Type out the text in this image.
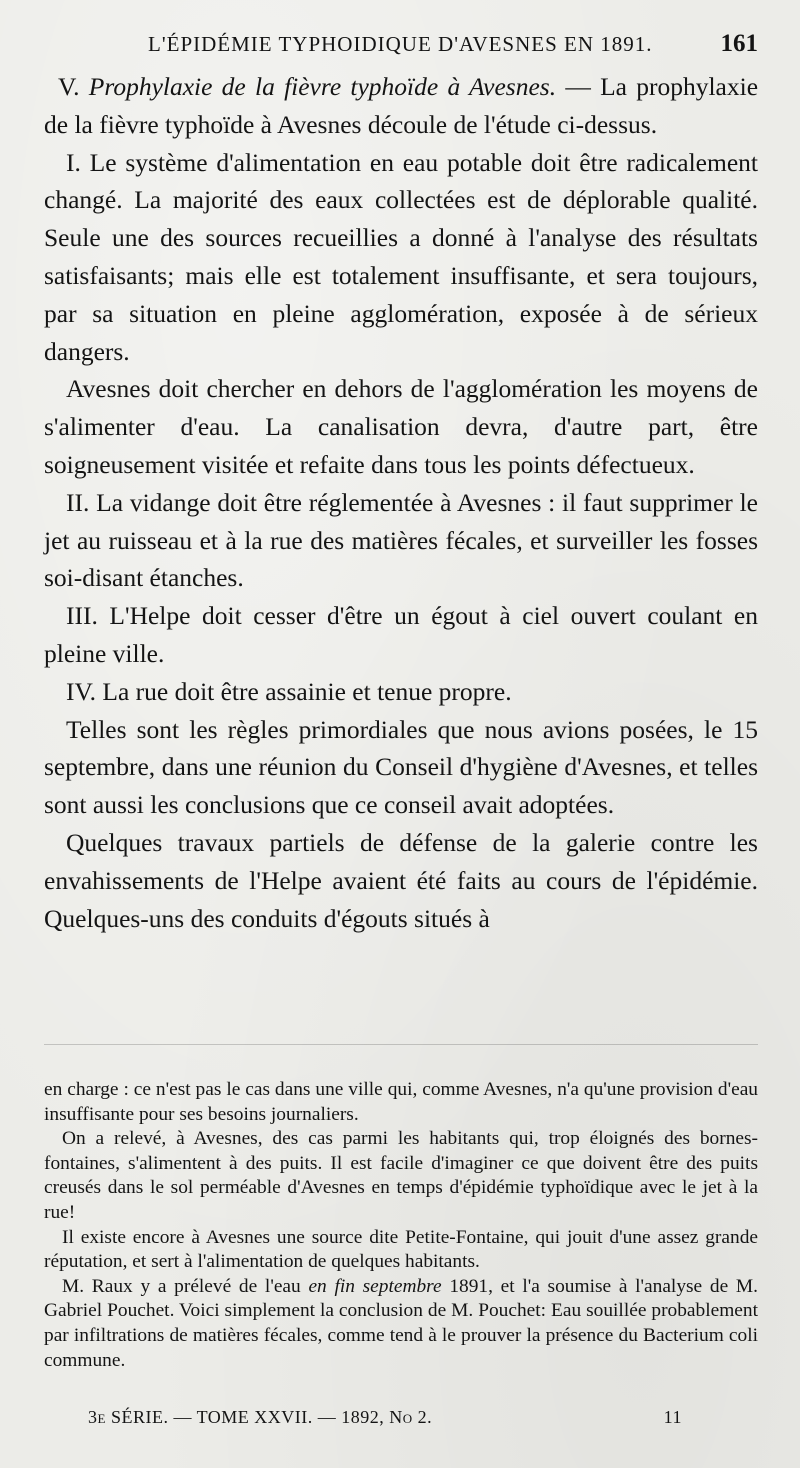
L'ÉPIDÉMIE TYPHOIDIQUE D'AVESNES EN 1891.	161

V. Prophylaxie de la fièvre typhoïde à Avesnes. — La prophylaxie de la fièvre typhoïde à Avesnes découle de l'étude ci-dessus.

I. Le système d'alimentation en eau potable doit être radicalement changé. La majorité des eaux collectées est de déplorable qualité. Seule une des sources recueillies a donné à l'analyse des résultats satisfaisants; mais elle est totalement insuffisante, et sera toujours, par sa situation en pleine agglomération, exposée à de sérieux dangers.

Avesnes doit chercher en dehors de l'agglomération les moyens de s'alimenter d'eau. La canalisation devra, d'autre part, être soigneusement visitée et refaite dans tous les points défectueux.

II. La vidange doit être réglementée à Avesnes : il faut supprimer le jet au ruisseau et à la rue des matières fécales, et surveiller les fosses soi-disant étanches.

III. L'Helpe doit cesser d'être un égout à ciel ouvert coulant en pleine ville.

IV. La rue doit être assainie et tenue propre.

Telles sont les règles primordiales que nous avions posées, le 15 septembre, dans une réunion du Conseil d'hygiène d'Avesnes, et telles sont aussi les conclusions que ce conseil avait adoptées.

Quelques travaux partiels de défense de la galerie contre les envahissements de l'Helpe avaient été faits au cours de l'épidémie. Quelques-uns des conduits d'égouts situés à

en charge : ce n'est pas le cas dans une ville qui, comme Avesnes, n'a qu'une provision d'eau insuffisante pour ses besoins journaliers.

On a relevé, à Avesnes, des cas parmi les habitants qui, trop éloignés des bornes-fontaines, s'alimentent à des puits. Il est facile d'imaginer ce que doivent être des puits creusés dans le sol perméable d'Avesnes en temps d'épidémie typhoïdique avec le jet à la rue!

Il existe encore à Avesnes une source dite Petite-Fontaine, qui jouit d'une assez grande réputation, et sert à l'alimentation de quelques habitants.

M. Raux y a prélevé de l'eau en fin septembre 1891, et l'a soumise à l'analyse de M. Gabriel Pouchet. Voici simplement la conclusion de M. Pouchet: Eau souillée probablement par infiltrations de matières fécales, comme tend à le prouver la présence du Bacterium coli commune.

3e SÉRIE. — TOME XXVII. — 1892, No 2.	11
